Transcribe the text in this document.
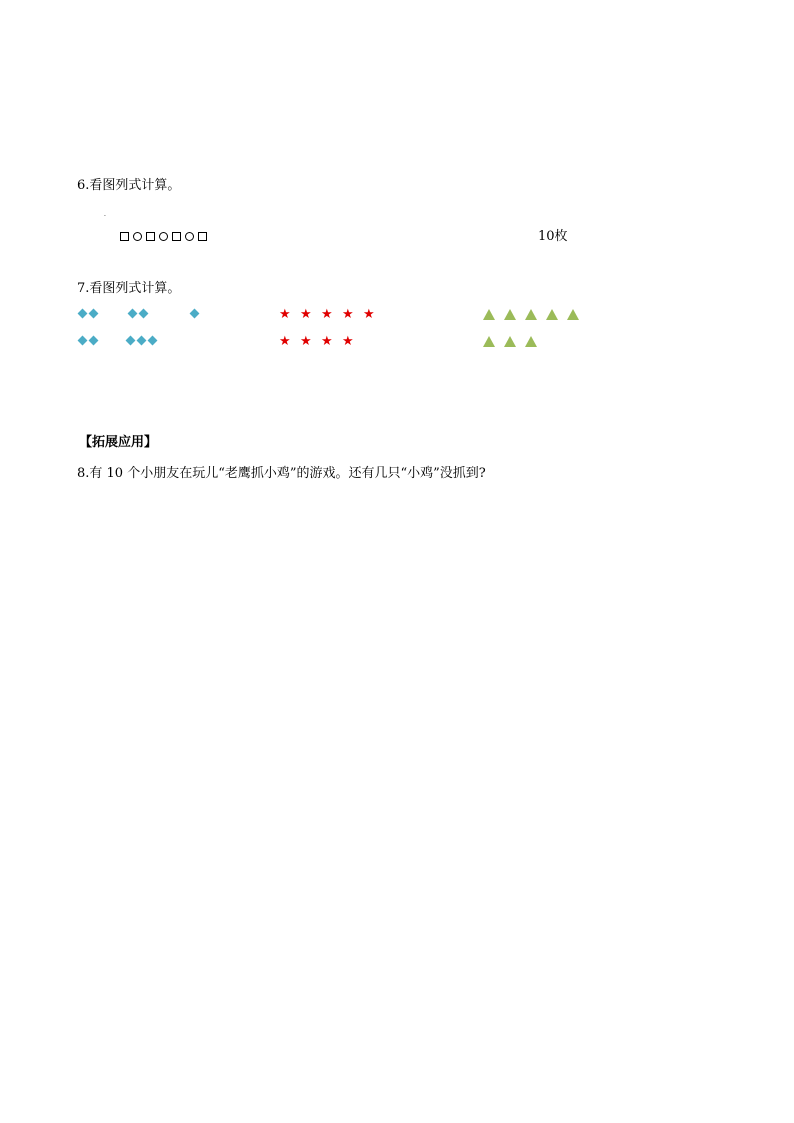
6.看图列式计算。
.
10枚
7.看图列式计算。
★ ★ ★ ★ ★
★ ★ ★ ★
【拓展应用】
8.有 10 个小朋友在玩儿“老鹰抓小鸡”的游戏。还有几只“小鸡”没抓到?
